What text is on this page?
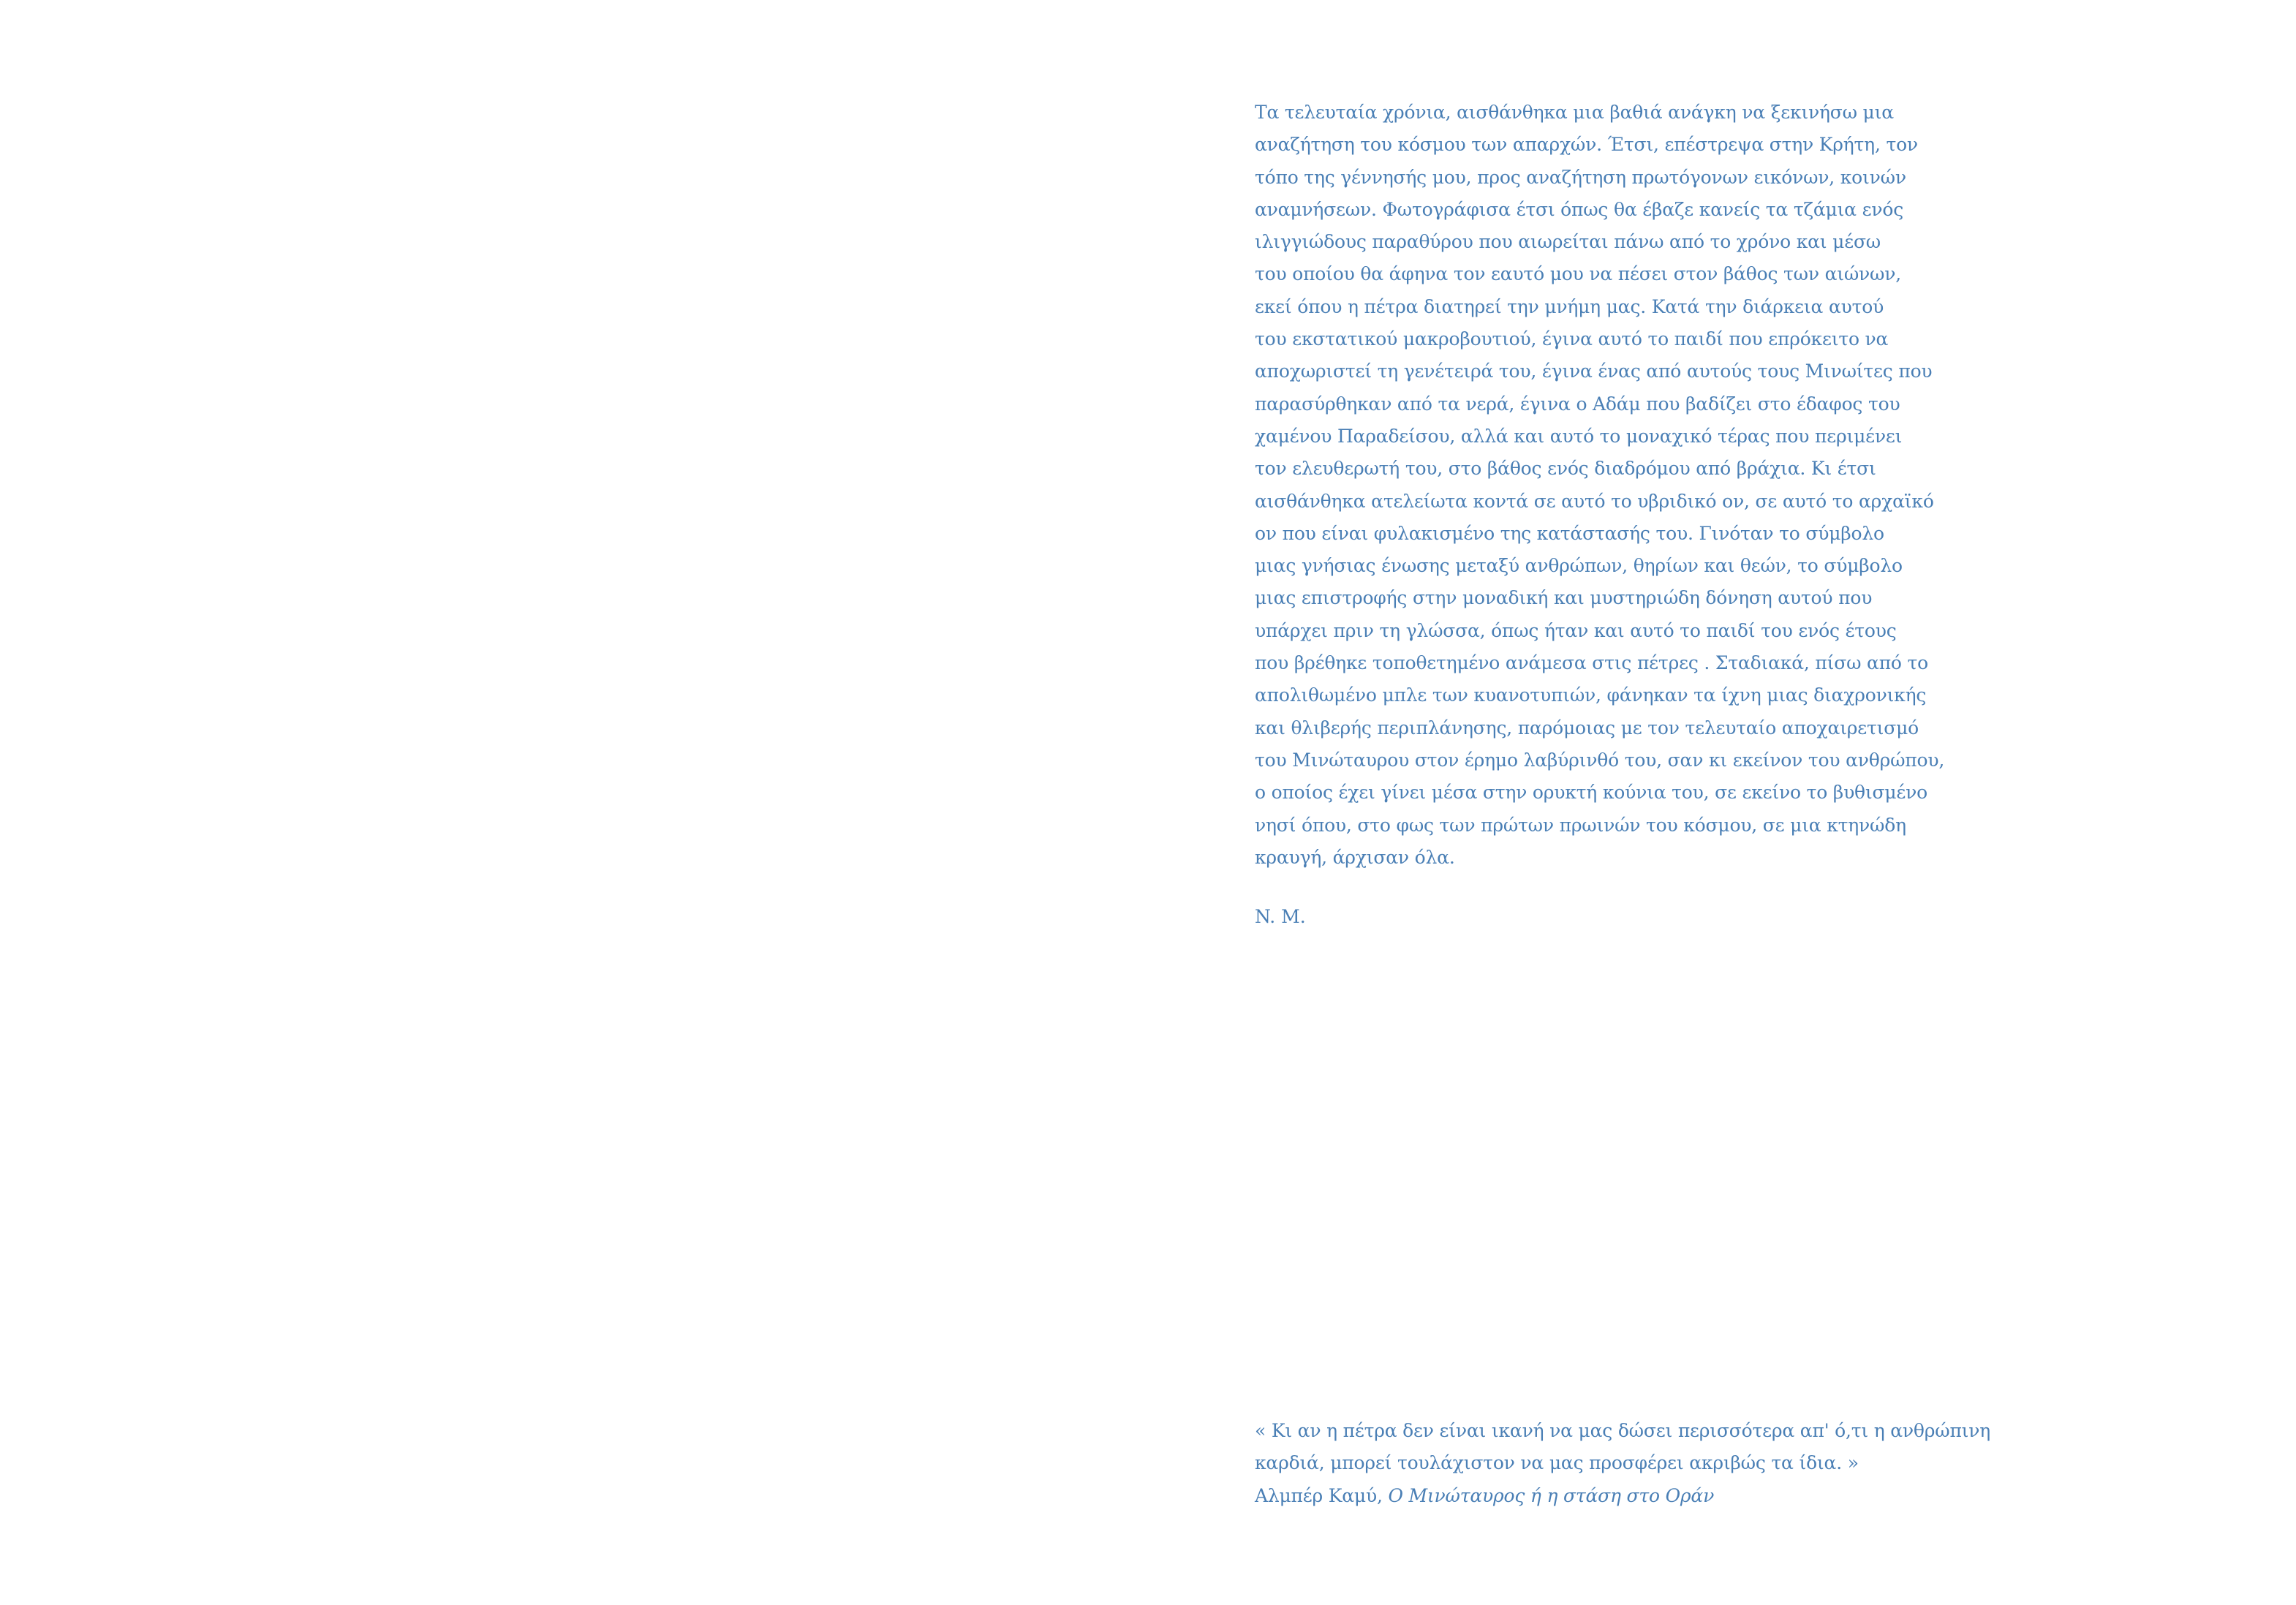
Τα τελευταία χρόνια, αισθάνθηκα μια βαθιά ανάγκη να ξεκινήσω μια
αναζήτηση του κόσμου των απαρχών. Έτσι, επέστρεψα στην Κρήτη, τον
τόπο της γέννησής μου, προς αναζήτηση πρωτόγονων εικόνων, κοινών
αναμνήσεων. Φωτογράφισα έτσι όπως θα έβαζε κανείς τα τζάμια ενός
ιλιγγιώδους παραθύρου που αιωρείται πάνω από το χρόνο και μέσω
του οποίου θα άφηνα τον εαυτό μου να πέσει στον βάθος των αιώνων,
εκεί όπου η πέτρα διατηρεί την μνήμη μας. Κατά την διάρκεια αυτού
του εκστατικού μακροβουτιού, έγινα αυτό το παιδί που επρόκειτο να
αποχωριστεί τη γενέτειρά του, έγινα ένας από αυτούς τους Μινωίτες που
παρασύρθηκαν από τα νερά, έγινα ο Αδάμ που βαδίζει στο έδαφος του
χαμένου Παραδείσου, αλλά και αυτό το μοναχικό τέρας που περιμένει
τον ελευθερωτή του, στο βάθος ενός διαδρόμου από βράχια. Κι έτσι
αισθάνθηκα ατελείωτα κοντά σε αυτό το υβριδικό ον, σε αυτό το αρχαϊκό
ον που είναι φυλακισμένο της κατάστασής του. Γινόταν το σύμβολο
μιας γνήσιας ένωσης μεταξύ ανθρώπων, θηρίων και θεών, το σύμβολο
μιας επιστροφής στην μοναδική και μυστηριώδη δόνηση αυτού που
υπάρχει πριν τη γλώσσα, όπως ήταν και αυτό το παιδί του ενός έτους
που βρέθηκε τοποθετημένο ανάμεσα στις πέτρες . Σταδιακά, πίσω από το
απολιθωμένο μπλε των κυανοτυπιών, φάνηκαν τα ίχνη μιας διαχρονικής
και θλιβερής περιπλάνησης, παρόμοιας με τον τελευταίο αποχαιρετισμό
του Μινώταυρου στον έρημο λαβύρινθό του, σαν κι εκείνον του ανθρώπου,
ο οποίος έχει γίνει μέσα στην ορυκτή κούνια του, σε εκείνο το βυθισμένο
νησί όπου, στο φως των πρώτων πρωινών του κόσμου, σε μια κτηνώδη
κραυγή, άρχισαν όλα.
N. M.
« Κι αν η πέτρα δεν είναι ικανή να μας δώσει περισσότερα απ' ό,τι η ανθρώπινη
καρδιά, μπορεί τουλάχιστον να μας προσφέρει ακριβώς τα ίδια. »
Αλμπέρ Καμύ, Ο Μινώταυρος ή η στάση στο Οράν
